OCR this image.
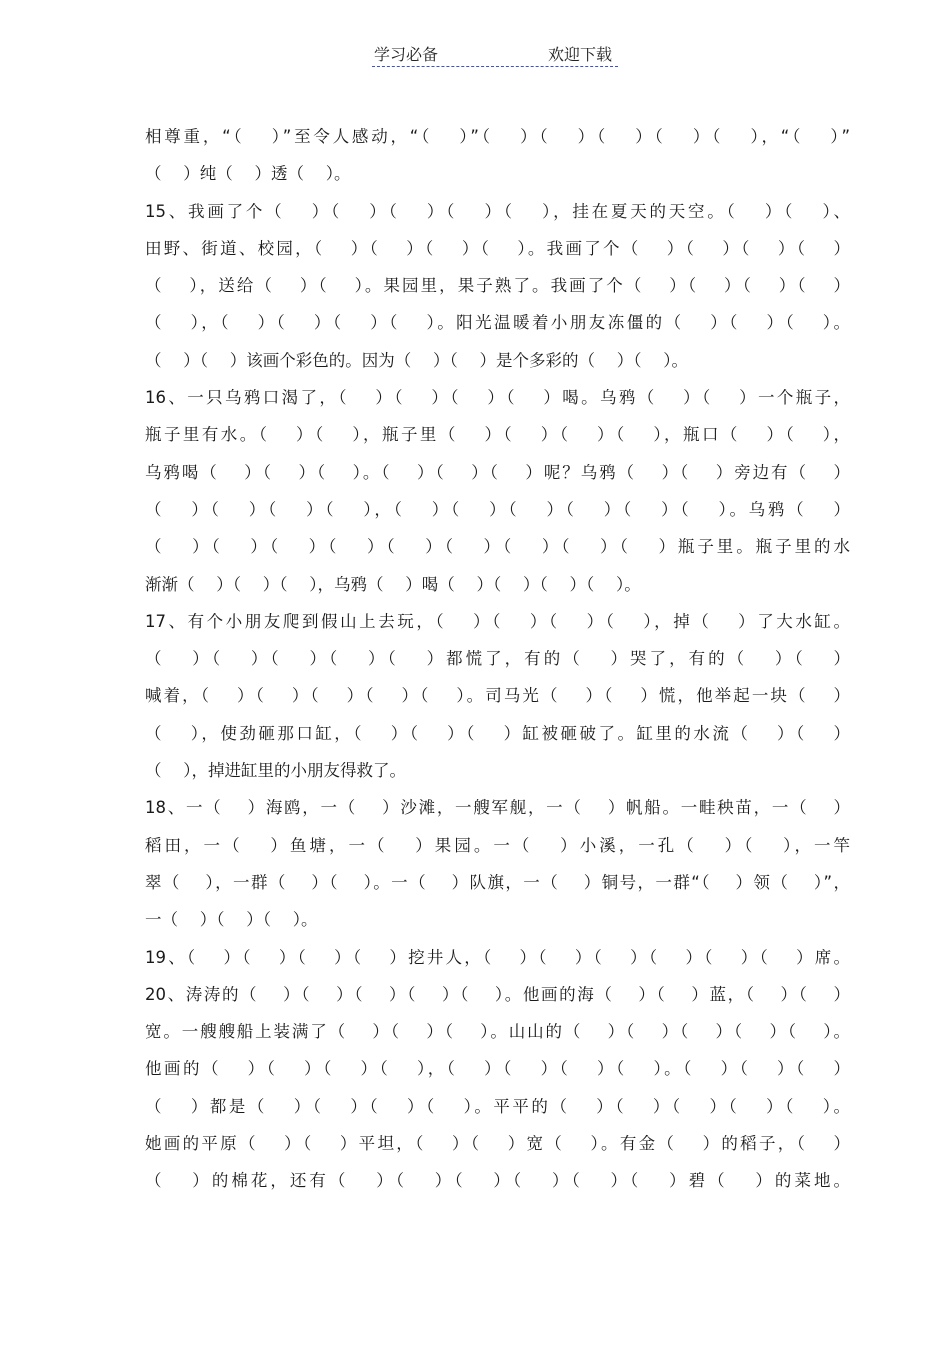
学习必备	欢迎下载
相尊重，“（　 ）”至令人感动，“（　 ）”（　 ）（　 ）（　 ）（　 ）（　 ），“（　 ）”
（　 ）纯（　 ）透（　 ）。
15、我画了个（　 ）（　 ）（　 ）（　 ）（　 ），挂在夏天的天空。（　 ）（　 ）、
田野、街道、校园，（　 ）（　 ）（　 ）（　 ）。我画了个（　 ）（　 ）（　 ）（　 ）
（　 ），送给（　 ）（　 ）。果园里，果子熟了。我画了个（　 ）（　 ）（　 ）（　 ）
（　 ），（　 ）（　 ）（　 ）（　 ）。阳光温暖着小朋友冻僵的（　 ）（　 ）（　 ）。
（　 ）（　 ）该画个彩色的。因为（　 ）（　 ）是个多彩的（　 ）（　 ）。
16、一只乌鸦口渴了，（　 ）（　 ）（　 ）（　 ）喝。乌鸦（　 ）（　 ）一个瓶子，
瓶子里有水。（　 ）（　 ），瓶子里（　 ）（　 ）（　 ）（　 ），瓶口（　 ）（　 ），
乌鸦喝（　 ）（　 ）（　 ）。（　 ）（　 ）（　 ）呢？乌鸦（　 ）（　 ）旁边有（　 ）
（　 ）（　 ）（　 ）（　 ），（　 ）（　 ）（　 ）（　 ）（　 ）（　 ）。乌鸦（　 ）
（　 ）（　 ）（　 ）（　 ）（　 ）（　 ）（　 ）（　 ）（　 ）瓶子里。瓶子里的水
渐渐（　 ）（　 ）（　 ），乌鸦（　 ）喝（　 ）（　 ）（　 ）（　 ）。
17、有个小朋友爬到假山上去玩，（　 ）（　 ）（　 ）（　 ），掉（　 ）了大水缸。
（　 ）（　 ）（　 ）（　 ）（　 ）都慌了，有的（　 ）哭了，有的（　 ）（　 ）
喊着，（　 ）（　 ）（　 ）（　 ）（　 ）。司马光（　 ）（　 ）慌，他举起一块（　 ）
（　 ），使劲砸那口缸，（　 ）（　 ）（　 ）缸被砸破了。缸里的水流（　 ）（　 ）
（　 ），掉进缸里的小朋友得救了。
18、一（　 ）海鸥，一（　 ）沙滩，一艘军舰，一（　 ）帆船。一畦秧苗，一（　 ）
稻田，一（　 ）鱼塘，一（　 ）果园。一（　 ）小溪，一孔（　 ）（　 ），一竿
翠（　 ），一群（　 ）（　 ）。一（　 ）队旗，一（　 ）铜号，一群“（　 ）领（　 ）”，
一（　 ）（　 ）（　 ）。
19、（　 ）（　 ）（　 ）（　 ）挖井人，（　 ）（　 ）（　 ）（　 ）（　 ）（　 ）席。
20、涛涛的（　 ）（　 ）（　 ）（　 ）（　 ）。他画的海（　 ）（　 ）蓝，（　 ）（　 ）
宽。一艘艘船上装满了（　 ）（　 ）（　 ）。山山的（　 ）（　 ）（　 ）（　 ）（　 ）。
他画的（　 ）（　 ）（　 ）（　 ），（　 ）（　 ）（　 ）（　 ）。（　 ）（　 ）（　 ）
（　 ）都是（　 ）（　 ）（　 ）（　 ）。平平的（　 ）（　 ）（　 ）（　 ）（　 ）。
她画的平原（　 ）（　 ）平坦，（　 ）（　 ）宽（　 ）。有金（　 ）的稻子，（　 ）
（　 ）的棉花，还有（　 ）（　 ）（　 ）（　 ）（　 ）（　 ）碧（　 ）的菜地。
